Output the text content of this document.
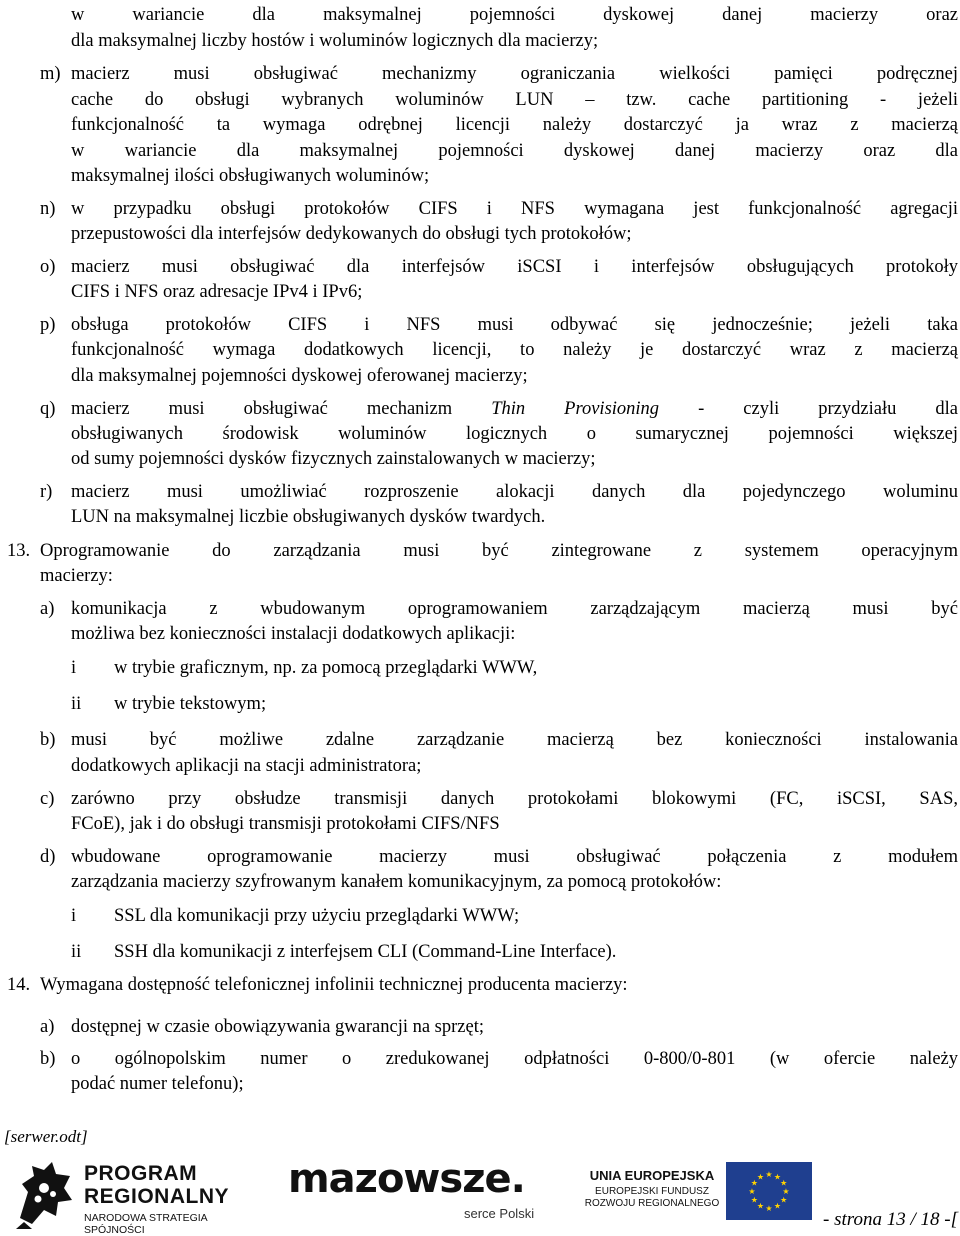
w wariancie dla maksymalnej pojemności dyskowej danej macierzy oraz
dla maksymalnej liczby hostów i woluminów logicznych dla macierzy;
macierz musi obsługiwać mechanizmy ograniczania wielkości pamięci podręcznej
cache do obsługi wybranych woluminów LUN – tzw. cache partitioning - jeżeli
funkcjonalność ta wymaga odrębnej licencji należy dostarczyć ja wraz z macierzą
w wariancie dla maksymalnej pojemności dyskowej danej macierzy oraz dla
maksymalnej ilości obsługiwanych woluminów;
w przypadku obsługi protokołów CIFS i NFS wymagana jest funkcjonalność agregacji
przepustowości dla interfejsów dedykowanych do obsługi tych protokołów;
macierz musi obsługiwać dla interfejsów iSCSI i interfejsów obsługujących protokoły
CIFS i NFS oraz adresacje IPv4 i IPv6;
obsługa protokołów CIFS i NFS musi odbywać się jednocześnie; jeżeli taka
funkcjonalność wymaga dodatkowych licencji, to należy je dostarczyć wraz z macierzą
dla maksymalnej pojemności dyskowej oferowanej macierzy;
obsługiwanych środowisk woluminów logicznych o sumarycznej pojemności większej
od sumy pojemności dysków fizycznych zainstalowanych w macierzy;
macierz musi umożliwiać rozproszenie alokacji danych dla pojedynczego woluminu
LUN na maksymalnej liczbie obsługiwanych dysków twardych.
Oprogramowanie do zarządzania musi być zintegrowane z systemem operacyjnym
macierzy:
komunikacja z wbudowanym oprogramowaniem zarządzającym macierzą musi być
możliwa bez konieczności instalacji dodatkowych aplikacji:
w trybie graficznym, np. za pomocą przeglądarki WWW,
w trybie tekstowym;
musi być możliwe zdalne zarządzanie macierzą bez konieczności instalowania
dodatkowych aplikacji na stacji administratora;
zarówno przy obsłudze transmisji danych protokołami blokowymi (FC, iSCSI, SAS,
FCoE), jak i do obsługi transmisji protokołami CIFS/NFS
wbudowane oprogramowanie macierzy musi obsługiwać połączenia z modułem
zarządzania macierzy szyfrowanym kanałem komunikacyjnym, za pomocą protokołów:
SSL dla komunikacji przy użyciu przeglądarki WWW;
SSH dla komunikacji z interfejsem CLI (Command-Line Interface).
Wymagana dostępność telefonicznej infolinii technicznej producenta macierzy:
dostępnej w czasie obowiązywania gwarancji na sprzęt;
o ogólnopolskim numer o zredukowanej odpłatności 0-800/0-801 (w ofercie należy
podać numer telefonu);
m)
n)
o)
p)
q)
r)
13.
a)
i
ii
b)
c)
d)
i
ii
14.
a)
b)
macierz musi obsługiwać mechanizm Thin Provisioning - czyli przydziału dla
[serwer.odt]
- strona 13 / 18 -[
PROGRAM
REGIONALNY
NARODOWA STRATEGIA SPÓJNOŚCI
mazowsze.
serce Polski
UNIA EUROPEJSKA
EUROPEJSKI FUNDUSZ
ROZWOJU REGIONALNEGO
★
★
★
★
★
★
★
★
★ ★ ★
★
